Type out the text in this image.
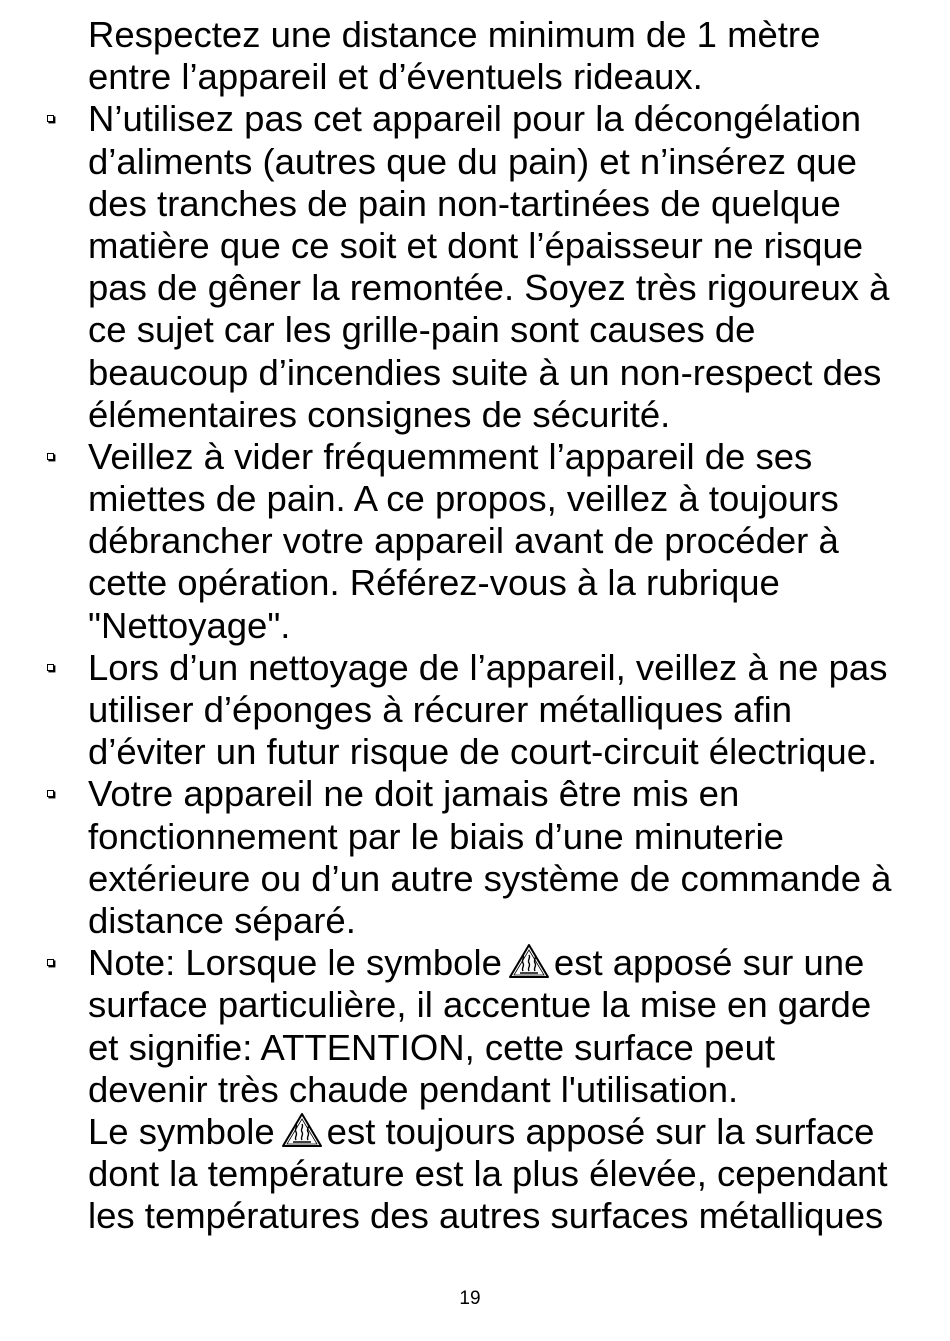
Respectez une distance minimum de 1 mètre
entre l’appareil et d’éventuels rideaux.
N’utilisez pas cet appareil pour la décongélation
d’aliments (autres que du pain) et n’insérez que
des tranches de pain non-tartinées de quelque
matière que ce soit et dont l’épaisseur ne risque
pas de gêner la remontée. Soyez très rigoureux à
ce sujet car les grille-pain sont causes de
beaucoup d’incendies suite à un non-respect des
élémentaires consignes de sécurité.
Veillez à vider fréquemment l’appareil de ses
miettes de pain. A ce propos, veillez à toujours
débrancher votre appareil avant de procéder à
cette opération. Référez-vous à la rubrique
"Nettoyage".
Lors d’un nettoyage de l’appareil, veillez à ne pas
utiliser d’éponges à récurer métalliques afin
d’éviter un futur risque de court-circuit électrique.
Votre appareil ne doit jamais être mis en
fonctionnement par le biais d’une minuterie
extérieure ou d’un autre système de commande à
distance séparé.
Note: Lorsque le symbole est apposé sur une
surface particulière, il accentue la mise en garde
et signifie: ATTENTION, cette surface peut
devenir très chaude pendant l'utilisation.
Le symbole est toujours apposé sur la surface
dont la température est la plus élevée, cependant
les températures des autres surfaces métalliques
19
